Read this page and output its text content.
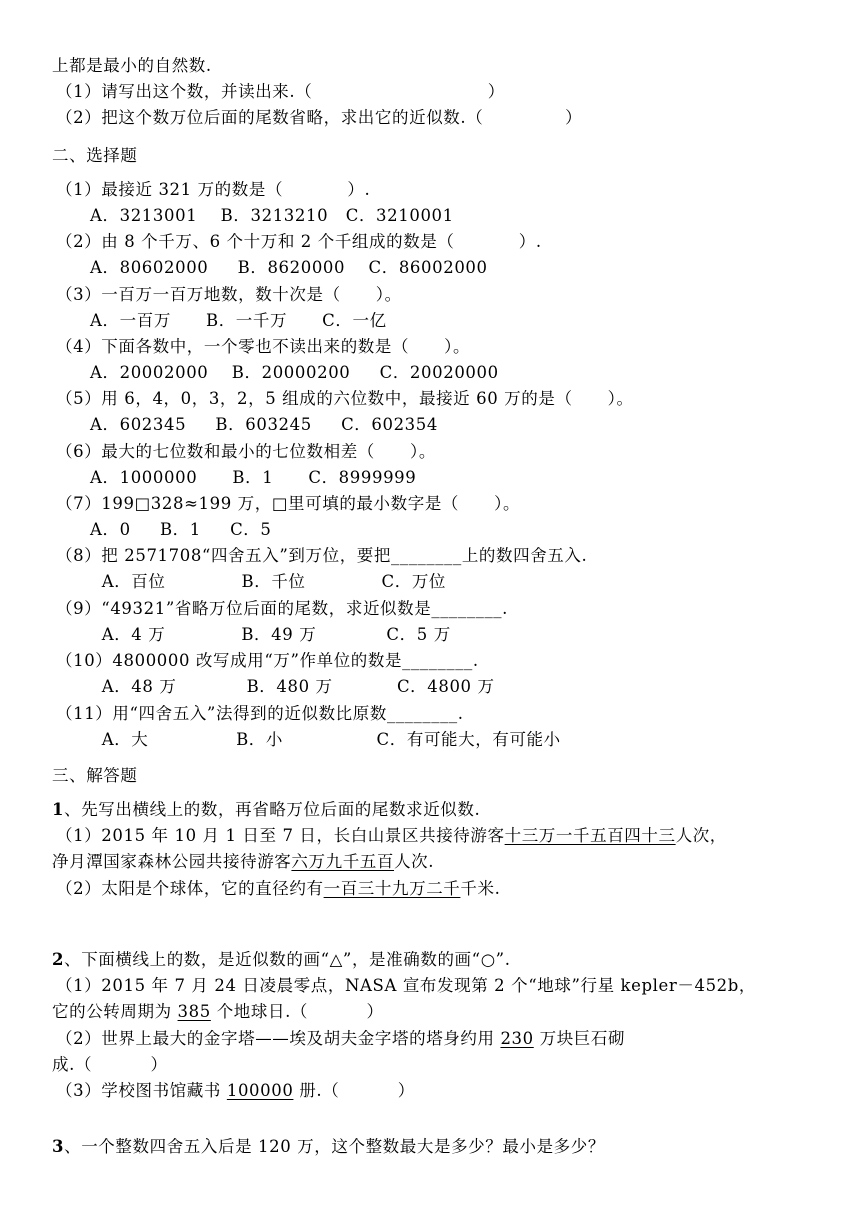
上都是最小的自然数.
（1）请写出这个数，并读出来.（                              ）
（2）把这个数万位后面的尾数省略，求出它的近似数.（              ）
二、选择题
（1）最接近 321 万的数是（           ）.
A．3213001    B．3213210   C．3210001
（2）由 8 个千万、6 个十万和 2 个千组成的数是（           ）.
A．80602000     B．8620000    C．86002000
（3）一百万一百万地数，数十次是（      ）。
A．一百万      B．一千万      C．一亿
（4）下面各数中，一个零也不读出来的数是（      ）。
A．20002000    B．20000200     C．20020000
（5）用 6，4，0，3，2，5 组成的六位数中，最接近 60 万的是（      ）。
A．602345     B．603245     C．602354
（6）最大的七位数和最小的七位数相差（      ）。
A．1000000      B．1      C．8999999
（7）199□328≈199 万，□里可填的最小数字是（      ）。
A．0     B．1     C．5
（8）把 2571708“四舍五入”到万位，要把________上的数四舍五入.
A．百位             B．千位             C．万位
（9）“49321”省略万位后面的尾数，求近似数是________.
A．4 万             B．49 万            C．5 万
（10）4800000 改写成用“万”作单位的数是________.
A．48 万            B．480 万           C．4800 万
（11）用“四舍五入”法得到的近似数比原数________.
A．大               B．小                C．有可能大，有可能小
三、解答题
1、先写出横线上的数，再省略万位后面的尾数求近似数.
（1）2015 年 10 月 1 日至 7 日，长白山景区共接待游客十三万一千五百四十三人次，
净月潭国家森林公园共接待游客六万九千五百人次.
（2）太阳是个球体，它的直径约有一百三十九万二千千米.
2、下面横线上的数，是近似数的画“△”，是准确数的画“○”.
（1）2015 年 7 月 24 日凌晨零点，NASA 宣布发现第 2 个“地球”行星 kepler－452b，
它的公转周期为 385 个地球日.（          ）
（2）世界上最大的金字塔——埃及胡夫金字塔的塔身约用 230 万块巨石砌
成.（          ）
（3）学校图书馆藏书 100000 册.（          ）
3、一个整数四舍五入后是 120 万，这个整数最大是多少？最小是多少？
